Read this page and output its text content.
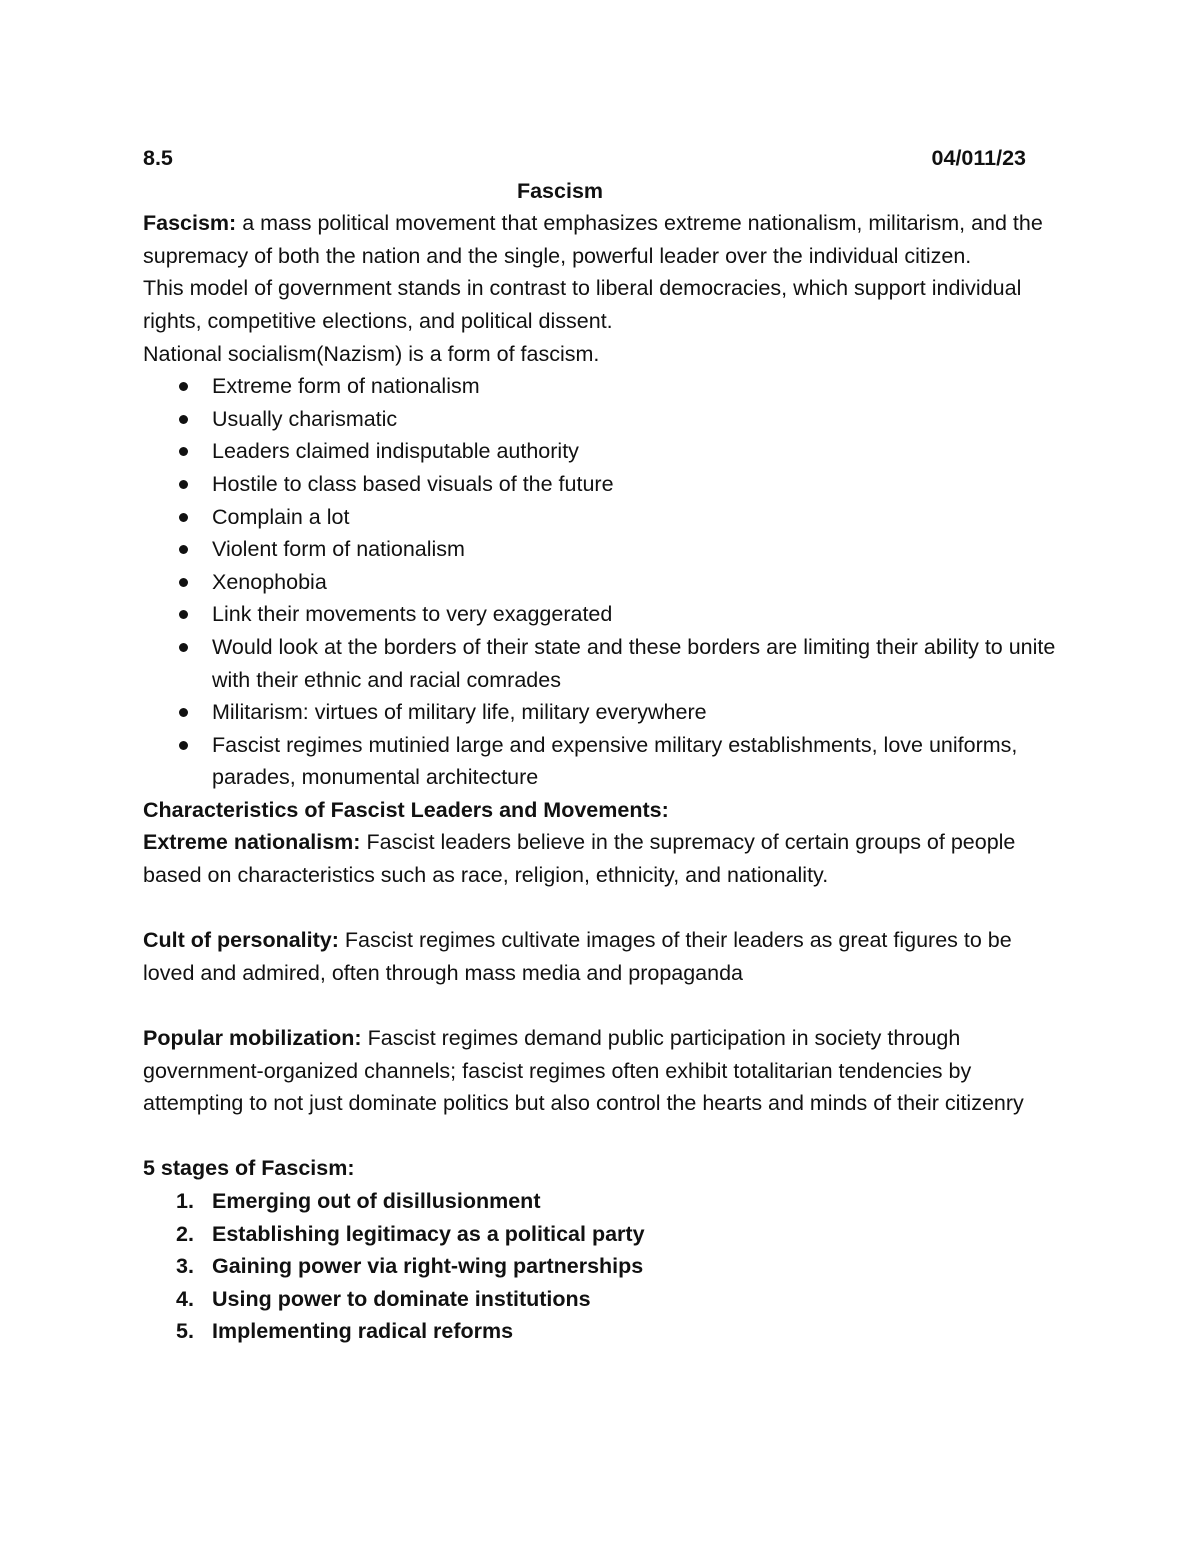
8.5	04/011/23
Fascism

Fascism: a mass political movement that emphasizes extreme nationalism, militarism, and the supremacy of both the nation and the single, powerful leader over the individual citizen.

This model of government stands in contrast to liberal democracies, which support individual rights, competitive elections, and political dissent.

National socialism(Nazism) is a form of fascism.

Extreme form of nationalism
Usually charismatic
Leaders claimed indisputable authority
Hostile to class based visuals of the future
Complain a lot
Violent form of nationalism
Xenophobia
Link their movements to very exaggerated
Would look at the borders of their state and these borders are limiting their ability to unite with their ethnic and racial comrades
Militarism: virtues of military life, military everywhere
Fascist regimes mutinied large and expensive military establishments, love uniforms, parades, monumental architecture

Characteristics of Fascist Leaders and Movements:

Extreme nationalism: Fascist leaders believe in the supremacy of certain groups of people based on characteristics such as race, religion, ethnicity, and nationality.

Cult of personality: Fascist regimes cultivate images of their leaders as great figures to be loved and admired, often through mass media and propaganda

Popular mobilization: Fascist regimes demand public participation in society through government-organized channels; fascist regimes often exhibit totalitarian tendencies by attempting to not just dominate politics but also control the hearts and minds of their citizenry

5 stages of Fascism:

1. Emerging out of disillusionment
2. Establishing legitimacy as a political party
3. Gaining power via right-wing partnerships
4. Using power to dominate institutions
5. Implementing radical reforms
